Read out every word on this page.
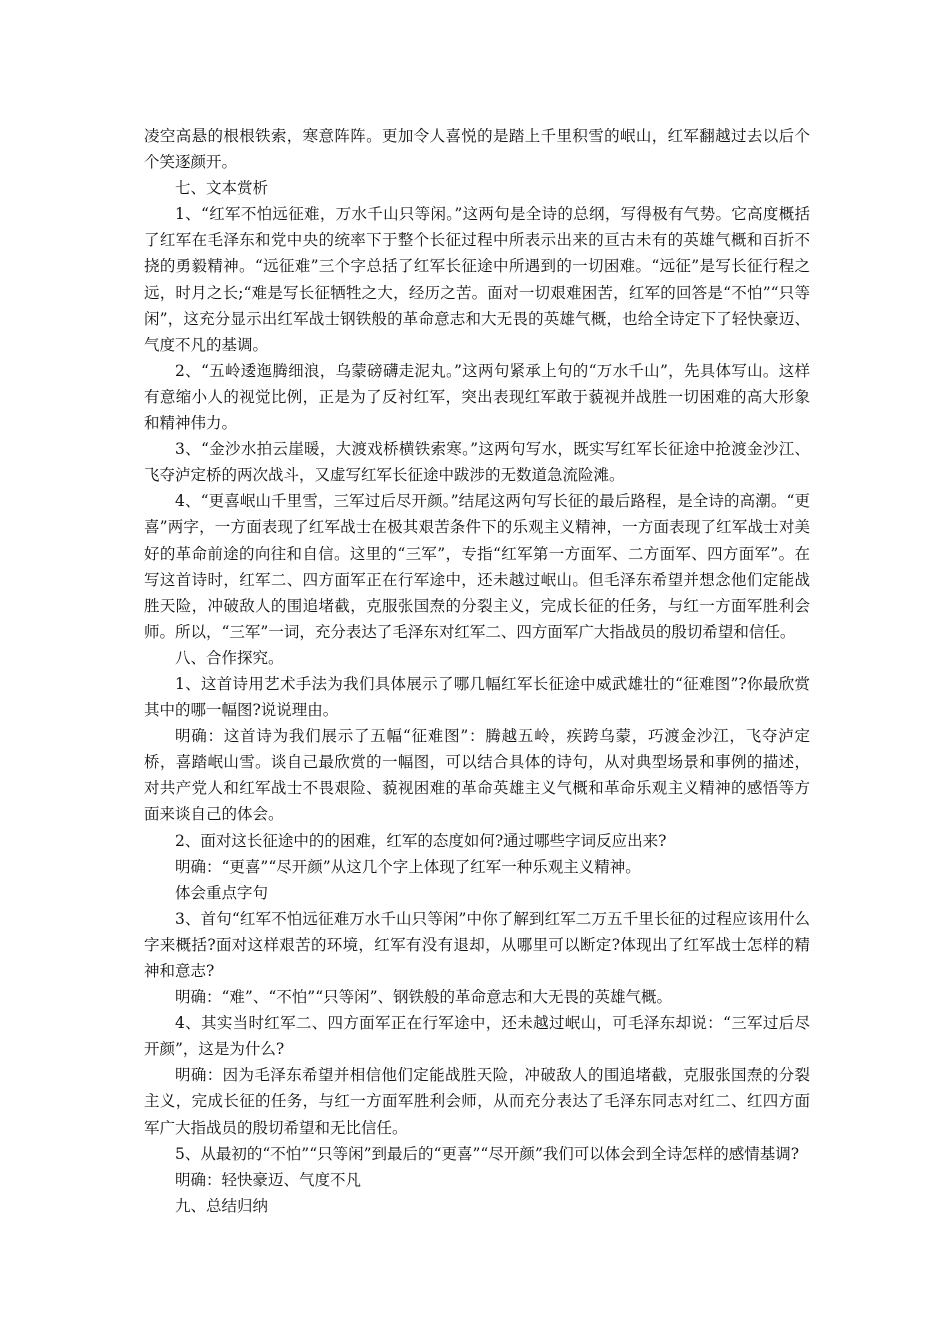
凌空高悬的根根铁索，寒意阵阵。更加令人喜悦的是踏上千里积雪的岷山，红军翻越过去以后个个笑逐颜开。

七、文本赏析

1、“红军不怕远征难，万水千山只等闲。”这两句是全诗的总纲，写得极有气势。它高度概括了红军在毛泽东和党中央的统率下于整个长征过程中所表示出来的亘古未有的英雄气概和百折不挠的勇毅精神。“远征难”三个字总括了红军长征途中所遇到的一切困难。“远征”是写长征行程之远，时月之长;“难是写长征牺牲之大，经历之苦。面对一切艰难困苦，红军的回答是“不怕”“只等闲”，这充分显示出红军战士钢铁般的革命意志和大无畏的英雄气概，也给全诗定下了轻快豪迈、气度不凡的基调。

2、“五岭逶迤腾细浪，乌蒙磅礴走泥丸。”这两句紧承上句的“万水千山”，先具体写山。这样有意缩小人的视觉比例，正是为了反衬红军，突出表现红军敢于藐视并战胜一切困难的高大形象和精神伟力。

3、“金沙水拍云崖暖，大渡戏桥横铁索寒。”这两句写水，既实写红军长征途中抢渡金沙江、飞夺泸定桥的两次战斗，又虚写红军长征途中跋涉的无数道急流险滩。

4、“更喜岷山千里雪，三军过后尽开颜。”结尾这两句写长征的最后路程，是全诗的高潮。“更喜”两字，一方面表现了红军战士在极其艰苦条件下的乐观主义精神，一方面表现了红军战士对美好的革命前途的向往和自信。这里的“三军”，专指“红军第一方面军、二方面军、四方面军”。在写这首诗时，红军二、四方面军正在行军途中，还未越过岷山。但毛泽东希望并想念他们定能战胜天险，冲破敌人的围追堵截，克服张国焘的分裂主义，完成长征的任务，与红一方面军胜利会师。所以，“三军”一词，充分表达了毛泽东对红军二、四方面军广大指战员的殷切希望和信任。

八、合作探究。

1、这首诗用艺术手法为我们具体展示了哪几幅红军长征途中威武雄壮的“征难图”?你最欣赏其中的哪一幅图?说说理由。

明确：这首诗为我们展示了五幅“征难图”：腾越五岭，疾跨乌蒙，巧渡金沙江，飞夺泸定桥，喜踏岷山雪。谈自己最欣赏的一幅图，可以结合具体的诗句，从对典型场景和事例的描述，对共产党人和红军战士不畏艰险、藐视困难的革命英雄主义气概和革命乐观主义精神的感悟等方面来谈自己的体会。

2、面对这长征途中的的困难，红军的态度如何?通过哪些字词反应出来?

明确：“更喜”“尽开颜”从这几个字上体现了红军一种乐观主义精神。

体会重点字句

3、首句“红军不怕远征难万水千山只等闲”中你了解到红军二万五千里长征的过程应该用什么字来概括?面对这样艰苦的环境，红军有没有退却，从哪里可以断定?体现出了红军战士怎样的精神和意志?

明确：“难”、“不怕”“只等闲”、钢铁般的革命意志和大无畏的英雄气概。

4、其实当时红军二、四方面军正在行军途中，还未越过岷山，可毛泽东却说：“三军过后尽开颜”，这是为什么?

明确：因为毛泽东希望并相信他们定能战胜天险，冲破敌人的围追堵截，克服张国焘的分裂主义，完成长征的任务，与红一方面军胜利会师，从而充分表达了毛泽东同志对红二、红四方面军广大指战员的殷切希望和无比信任。

5、从最初的“不怕”“只等闲”到最后的“更喜”“尽开颜”我们可以体会到全诗怎样的感情基调?

明确：轻快豪迈、气度不凡

九、总结归纳
